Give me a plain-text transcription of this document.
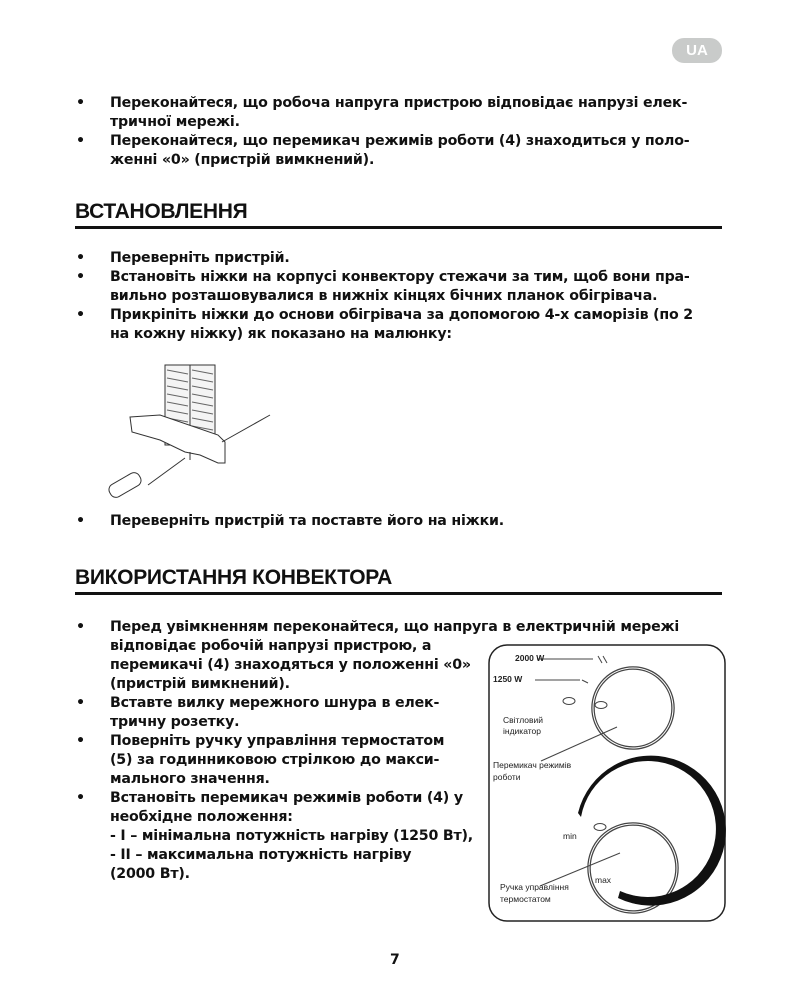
UA
• Переконайтеся, що робоча напруга пристрою відповідає напрузі елек-
тричної мережі.
• Переконайтеся, що перемикач режимів роботи (4) знаходиться у поло-
женні «0» (пристрій вимкнений).
ВСТАНОВЛЕННЯ
• Переверніть пристрій.
• Встановіть ніжки на корпусі конвектору стежачи за тим, щоб вони пра-
вильно розташовувалися в нижніх кінцях бічних планок обігрівача.
• Прикріпіть ніжки до основи обігрівача за допомогою 4-х саморізів (по 2
на кожну ніжку) як показано на малюнку:
• Переверніть пристрій та поставте його на ніжки.
ВИКОРИСТАННЯ КОНВЕКТОРА
• Перед увімкненням переконайтеся, що напруга в електричній мережі
відповідає робочій напрузі пристрою, а
перемикачі (4) знаходяться у положенні «0»
(пристрій вимкнений).
• Вставте вилку мережного шнура в елек-
тричну розетку.
• Поверніть ручку управління термостатом
(5) за годинниковою стрілкою до макси-
мального значення.
• Встановіть перемикач режимів роботи (4) у
необхідне положення:
- I – мінімальна потужність нагріву (1250 Вт),
- II – максимальна потужність нагріву
(2000 Вт).
2000 W
1250 W
Світловий
індикатор
Перемикач режимів
роботи
min
max
Ручка управління
термостатом
7
